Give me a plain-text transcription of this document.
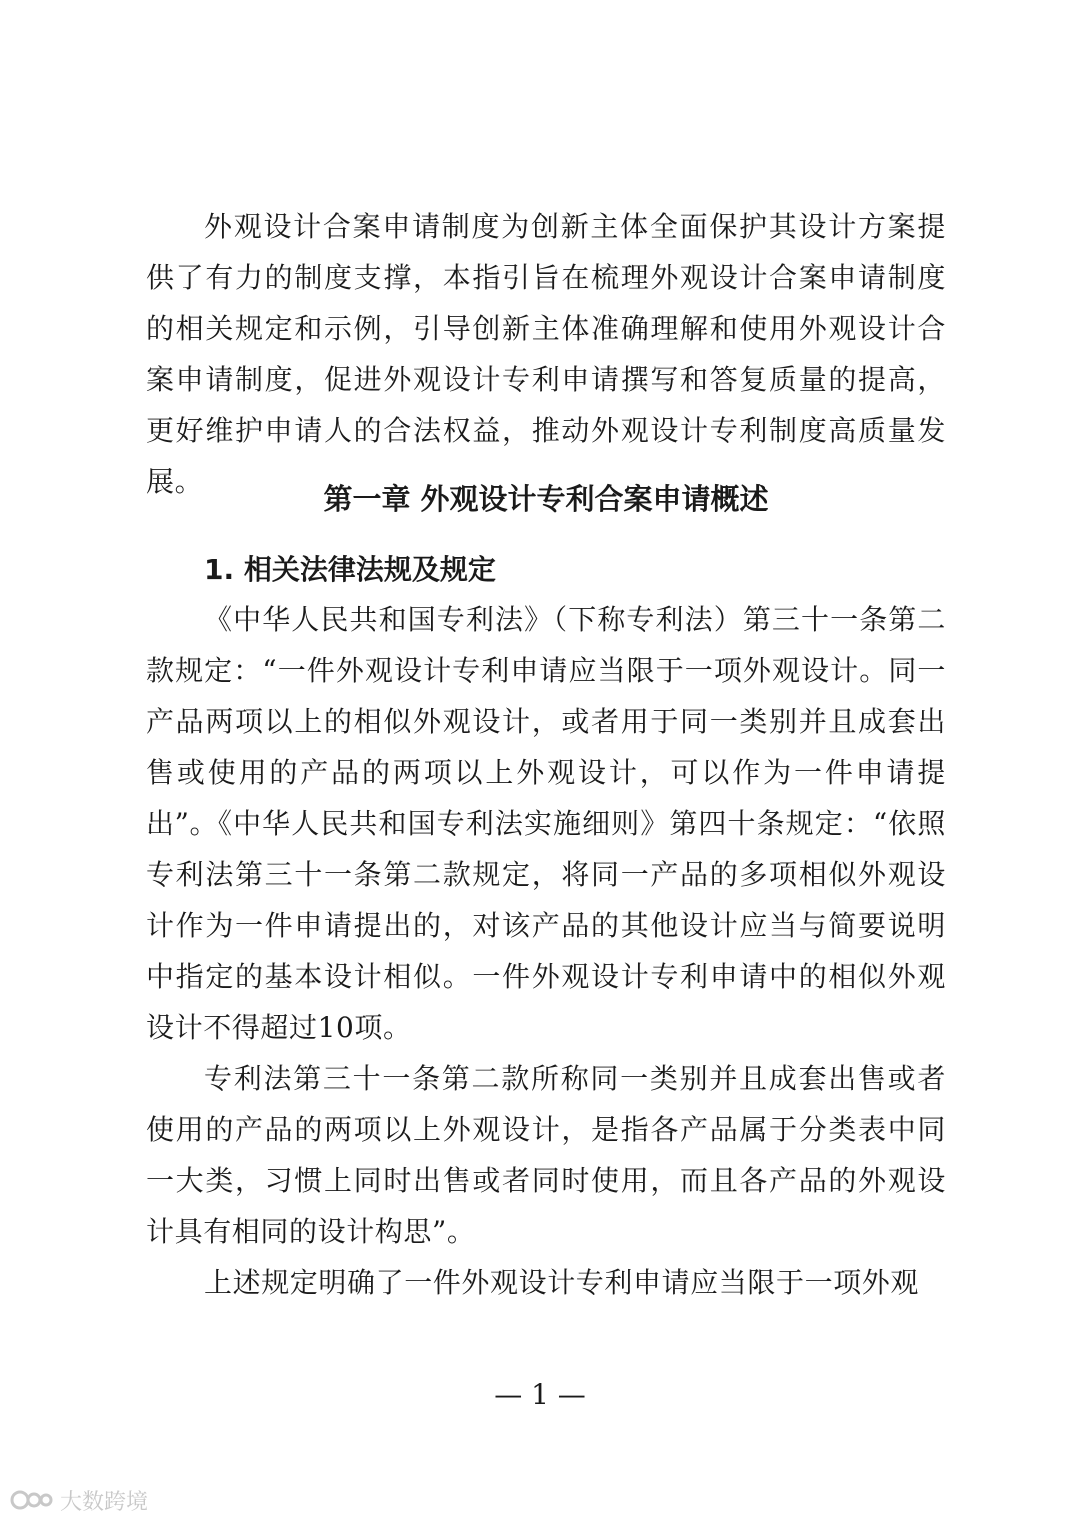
外观设计合案申请制度为创新主体全面保护其设计方案提供了有力的制度支撑，本指引旨在梳理外观设计合案申请制度的相关规定和示例，引导创新主体准确理解和使用外观设计合案申请制度，促进外观设计专利申请撰写和答复质量的提高，更好维护申请人的合法权益，推动外观设计专利制度高质量发展。

第一章 外观设计专利合案申请概述
1. 相关法律法规及规定

《中华人民共和国专利法》（下称专利法）第三十一条第二款规定：“一件外观设计专利申请应当限于一项外观设计。同一产品两项以上的相似外观设计，或者用于同一类别并且成套出售或使用的产品的两项以上外观设计，可以作为一件申请提出”。

《中华人民共和国专利法实施细则》第四十条规定：“依照专利法第三十一条第二款规定，将同一产品的多项相似外观设计作为一件申请提出的，对该产品的其他设计应当与简要说明中指定的基本设计相似。一件外观设计专利申请中的相似外观设计不得超过10项。

专利法第三十一条第二款所称同一类别并且成套出售或者使用的产品的两项以上外观设计，是指各产品属于分类表中同一大类，习惯上同时出售或者同时使用，而且各产品的外观设计具有相同的设计构思”。

上述规定明确了一件外观设计专利申请应当限于一项外观

— 1 —
大数跨境
